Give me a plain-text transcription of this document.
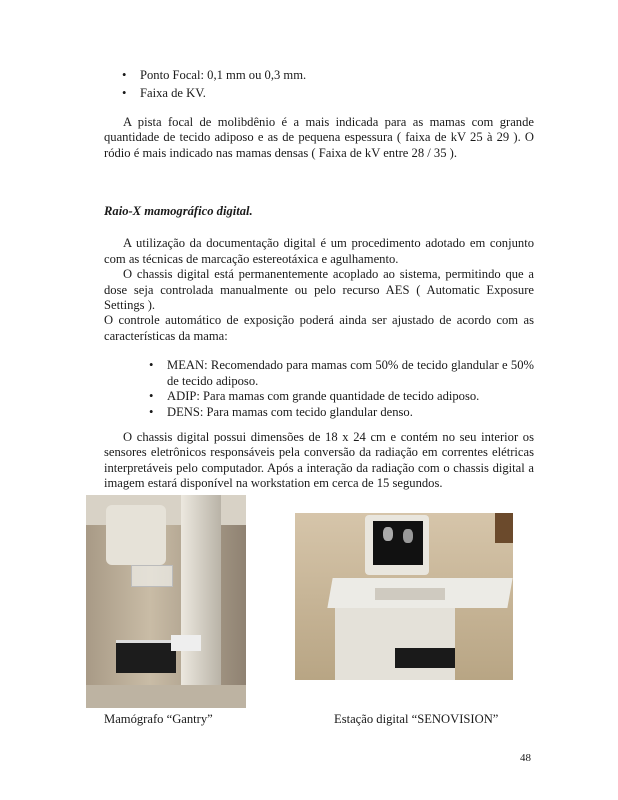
• Ponto Focal: 0,1 mm ou 0,3 mm.
• Faixa de KV.

A pista focal de molibdênio é a mais indicada para as mamas com grande quantidade de tecido adiposo e as de pequena espessura ( faixa de kV 25 à 29 ). O ródio é mais indicado nas mamas densas ( Faixa de kV entre 28 / 35 ).

Raio-X mamográfico digital.

A utilização da documentação digital é um procedimento adotado em conjunto com as técnicas de marcação estereotáxica e agulhamento.

O chassis digital está permanentemente acoplado ao sistema, permitindo que a dose seja controlada manualmente ou pelo recurso AES ( Automatic Exposure Settings ).

O controle automático de exposição poderá ainda ser ajustado de acordo com as características da mama:

• MEAN: Recomendado para mamas com 50% de tecido glandular e 50% de tecido adiposo.
• ADIP: Para mamas com grande quantidade de tecido adiposo.
• DENS: Para mamas com tecido glandular denso.

O chassis digital possui dimensões de 18 x 24 cm e contém no seu interior os sensores eletrônicos responsáveis pela conversão da radiação em correntes elétricas interpretáveis pelo computador. Após a interação da radiação com o chassis digital a imagem estará disponível na workstation em cerca de 15 segundos.

Mamógrafo “Gantry”	Estação digital “SENOVISION”
48
